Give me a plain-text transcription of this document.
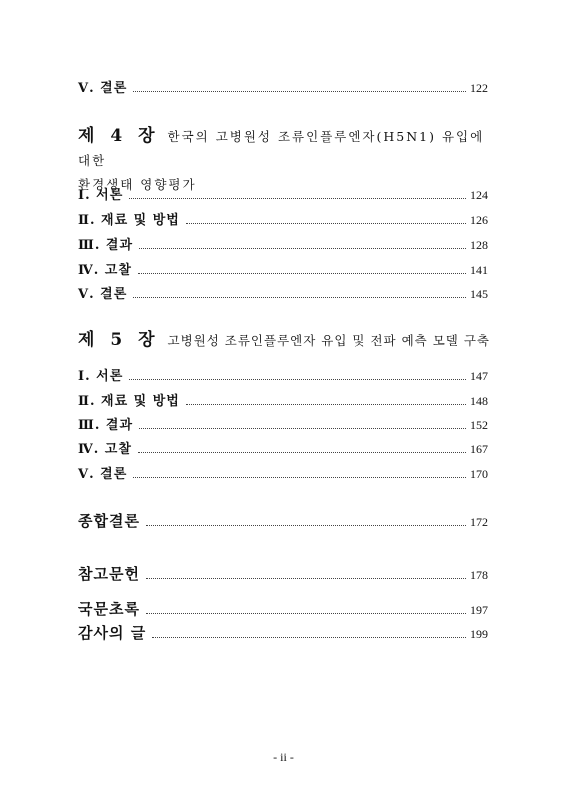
Ⅴ. 결론	122
제 4 장 한국의 고병원성 조류인플루엔자(H5N1) 유입에 대한
환경생태 영향평가
Ⅰ. 서론	124
Ⅱ. 재료 및 방법	126
Ⅲ. 결과	128
Ⅳ. 고찰	141
Ⅴ. 결론	145
제 5 장 고병원성 조류인플루엔자 유입 및 전파 예측 모델 구축
Ⅰ. 서론	147
Ⅱ. 재료 및 방법	148
Ⅲ. 결과	152
Ⅳ. 고찰	167
Ⅴ. 결론	170
종합결론	172
참고문헌	178
국문초록	197
감사의 글	199
- ii -
